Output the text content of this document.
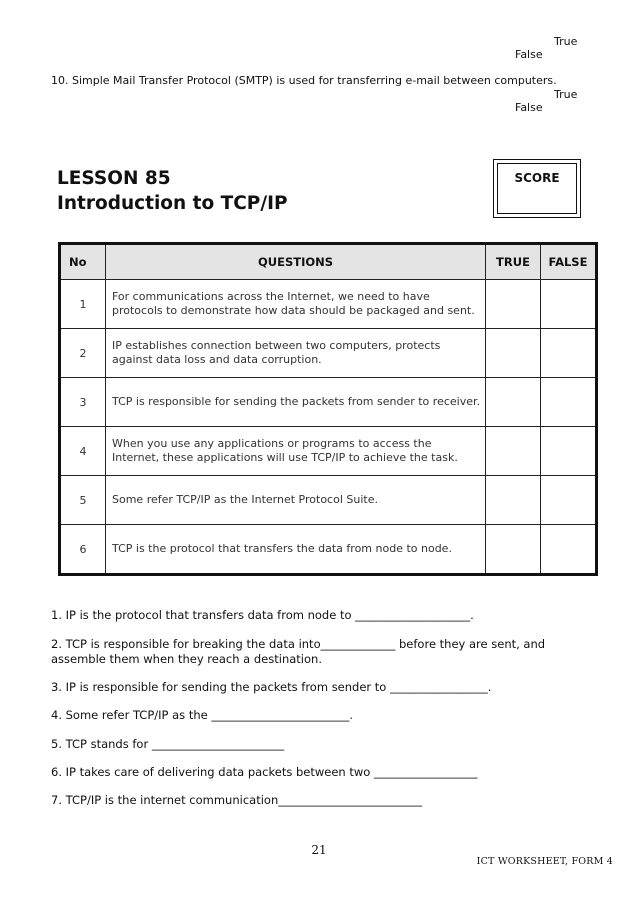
True
False
10. Simple Mail Transfer Protocol (SMTP) is used for transferring e-mail between computers.
True
False
LESSON 85
Introduction to TCP/IP
SCORE
No	QUESTIONS	TRUE	FALSE
1	For communications across the Internet, we need to have protocols to demonstrate how data should be packaged and sent.		
2	IP establishes connection between two computers, protects against data loss and data corruption.		
3	TCP is responsible for sending the packets from sender to receiver.		
4	When you use any applications or programs to access the Internet, these applications will use TCP/IP to achieve the task.		
5	Some refer TCP/IP as the Internet Protocol Suite.		
6	TCP is the protocol that transfers the data from node to node.		
1. IP is the protocol that transfers data from node to ____________________.
2. TCP is responsible for breaking the data into_____________ before they are sent, and
assemble them when they reach a destination.
3. IP is responsible for sending the packets from sender to _________________.
4. Some refer TCP/IP as the ________________________.
5. TCP stands for _______________________
6. IP takes care of delivering data packets between two __________________
7. TCP/IP is the internet communication_________________________
21
ICT WORKSHEET, FORM 4
